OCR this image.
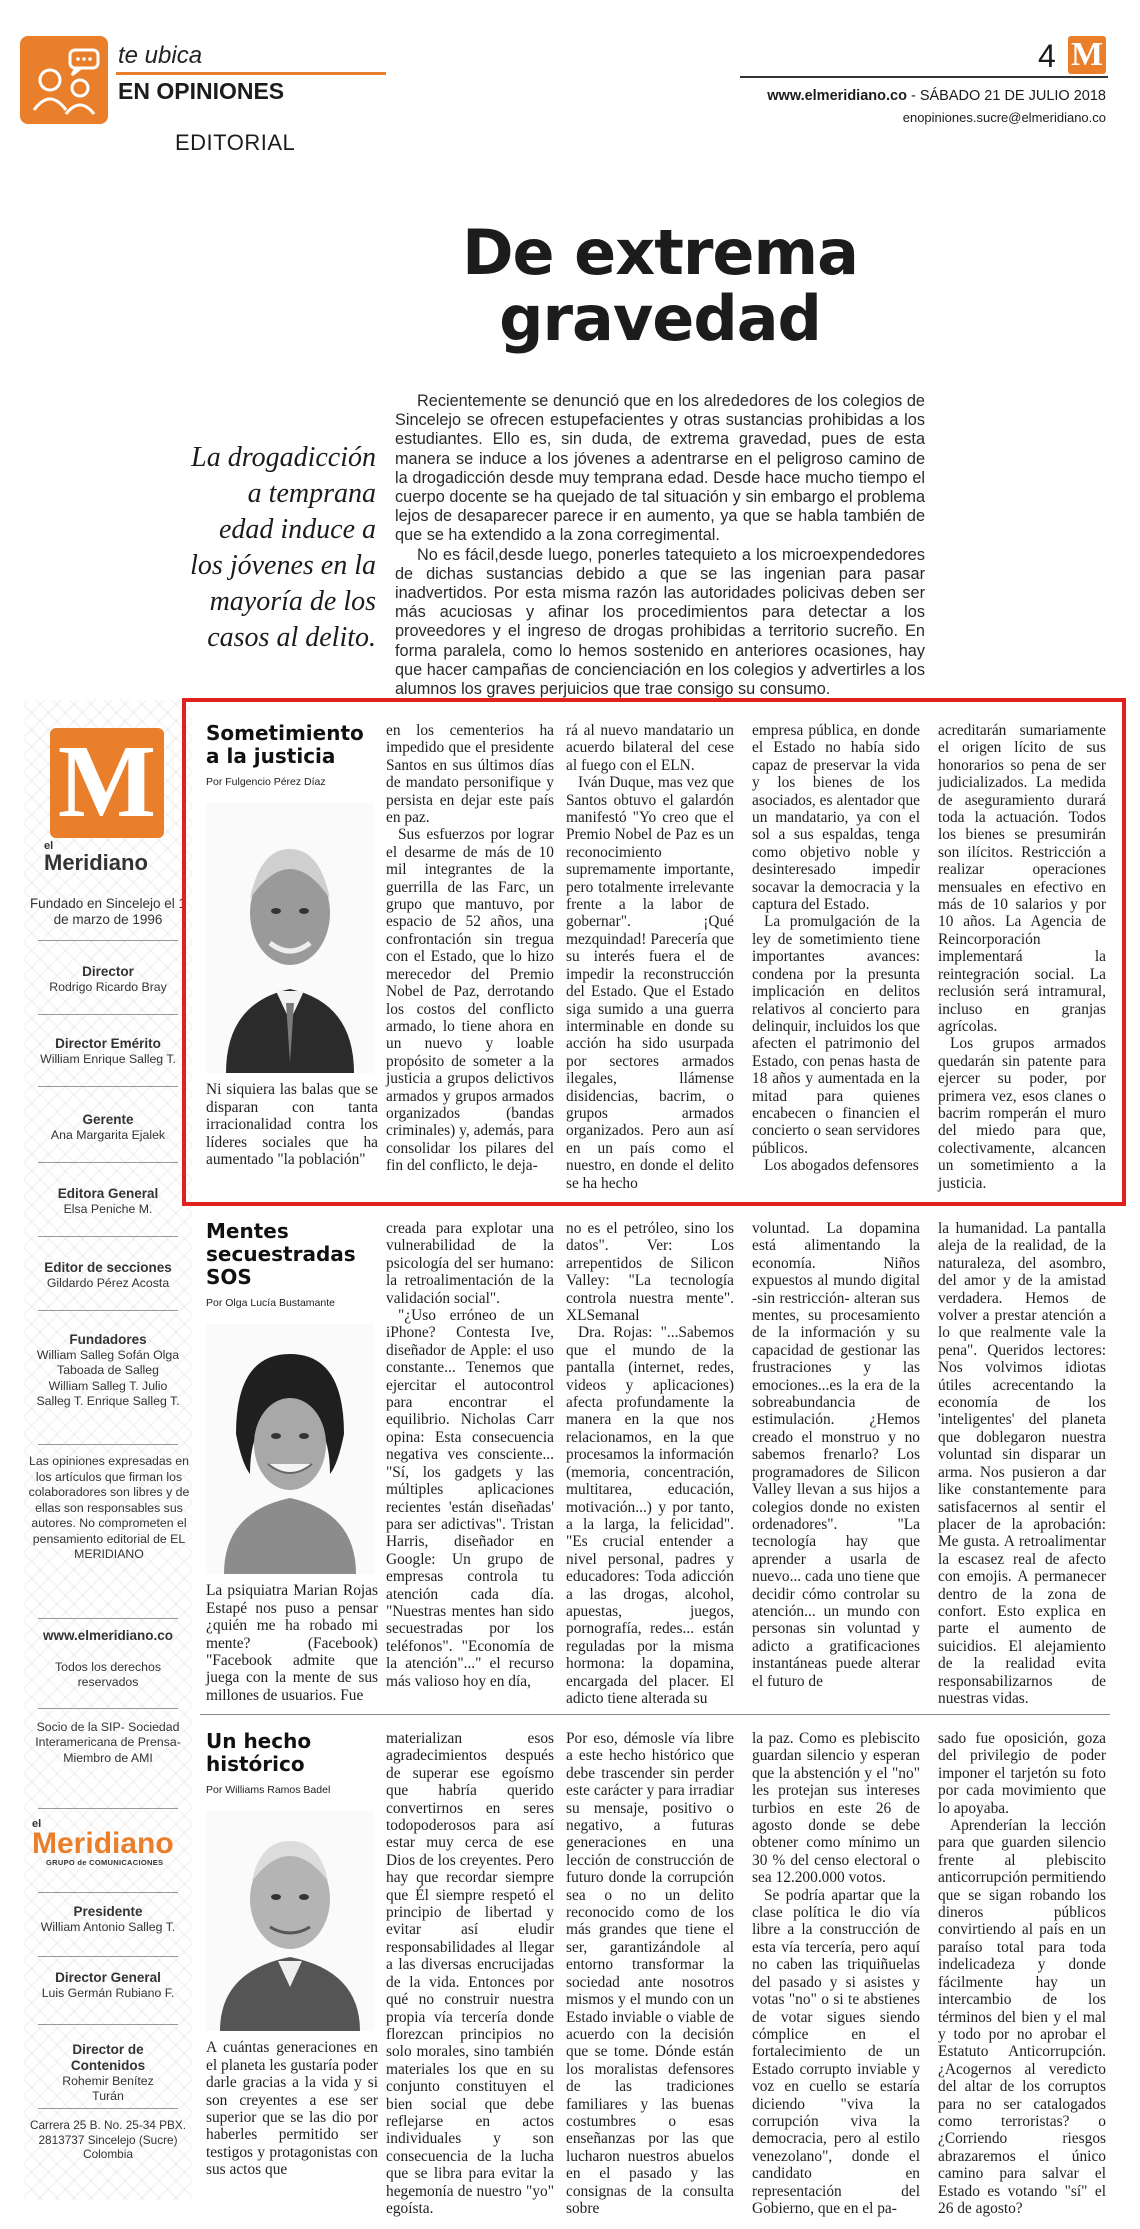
te ubica
EN OPINIONES
EDITORIAL
4 M
www.elmeridiano.co - SÁBADO 21 DE JULIO 2018
enopiniones.sucre@elmeridiano.co
De extrema gravedad
La drogadicción a temprana edad induce a los jóvenes en la mayoría de los casos al delito.

Recientemente se denunció que en los alrededores de los colegios de Sincelejo se ofrecen estupefacientes y otras sustancias prohibidas a los estudiantes. Ello es, sin duda, de extrema gravedad, pues de esta manera se induce a los jóvenes a adentrarse en el peligroso camino de la drogadicción desde muy temprana edad. Desde hace mucho tiempo el cuerpo docente se ha quejado de tal situación y sin embargo el problema lejos de desaparecer parece ir en aumento, ya que se habla también de que se ha extendido a la zona corregimental.

No es fácil,desde luego, ponerles tatequieto a los microexpendedores de dichas sustancias debido a que se las ingenian para pasar inadvertidos. Por esta misma razón las autoridades policivas deben ser más acuciosas y afinar los procedimientos para detectar a los proveedores y el ingreso de drogas prohibidas a territorio sucreño. En forma paralela, como lo hemos sostenido en anteriores ocasiones, hay que hacer campañas de concienciación en los colegios y advertirles a los alumnos los graves perjuicios que trae consigo su consumo.

M
el
Meridiano
Fundado en Sincelejo el 1 de marzo de 1996
Director
Rodrigo Ricardo Bray
Director Emérito
William Enrique Salleg T.
Gerente
Ana Margarita Ejalek
Editora General
Elsa Peniche M.
Editor de secciones
Gildardo Pérez Acosta
Fundadores
William Salleg Sofán Olga Taboada de Salleg William Salleg T. Julio Salleg T. Enrique Salleg T.
Las opiniones expresadas en los artículos que firman los colaboradores son libres y de ellas son responsables sus autores. No comprometen el pensamiento editorial de EL MERIDIANO
www.elmeridiano.co
Todos los derechos reservados
Socio de la SIP- Sociedad Interamericana de Prensa- Miembro de AMI
el
Meridiano
GRUPO de COMUNICACIONES
Presidente
William Antonio Salleg T.
Director General
Luis Germán Rubiano F.
Director de Contenidos
Rohemir Benítez Turán
Carrera 25 B. No. 25-34 PBX. 2813737 Sincelejo (Sucre) Colombia
Sometimiento a la justicia
Por Fulgencio Pérez Díaz

Ni siquiera las balas que se disparan con tanta irracionalidad contra los líderes sociales que ha aumentado "la población"

en los cementerios ha impedido que el presidente Santos en sus últimos días de mandato personifique y persista en dejar este país en paz.

Sus esfuerzos por lograr el desarme de más de 10 mil integrantes de la guerrilla de las Farc, un grupo que mantuvo, por espacio de 52 años, una confrontación sin tregua con el Estado, que lo hizo merecedor del Premio Nobel de Paz, derrotando los costos del conflicto armado, lo tiene ahora en un nuevo y loable propósito de someter a la justicia a grupos delictivos armados y grupos armados organizados (bandas criminales) y, además, para consolidar los pilares del fin del conflicto, le deja-

rá al nuevo mandatario un acuerdo bilateral del cese al fuego con el ELN.

Iván Duque, mas vez que Santos obtuvo el galardón manifestó "Yo creo que el Premio Nobel de Paz es un reconocimiento supremamente importante, pero totalmente irrelevante frente a la labor de gobernar". ¡Qué mezquindad! Parecería que su interés fuera el de impedir la reconstrucción del Estado. Que el Estado siga sumido a una guerra interminable en donde su acción ha sido usurpada por sectores armados ilegales, llámense disidencias, bacrim, o grupos armados organizados. Pero aun así en un país como el nuestro, en donde el delito se ha hecho

empresa pública, en donde el Estado no había sido capaz de preservar la vida y los bienes de los asociados, es alentador que un mandatario, ya con el sol a sus espaldas, tenga como objetivo noble y desinteresado impedir socavar la democracia y la captura del Estado.

La promulgación de la ley de sometimiento tiene importantes avances: condena por la presunta implicación en delitos relativos al concierto para delinquir, incluidos los que afecten el patrimonio del Estado, con penas hasta de 18 años y aumentada en la mitad para quienes encabecen o financien el concierto o sean servidores públicos.

Los abogados defensores

acreditarán sumariamente el origen lícito de sus honorarios so pena de ser judicializados. La medida de aseguramiento durará toda la actuación. Todos los bienes se presumirán son ilícitos. Restricción a realizar operaciones mensuales en efectivo en más de 10 salarios y por 10 años. La Agencia de Reincorporación implementará la reintegración social. La reclusión será intramural, incluso en granjas agrícolas.

Los grupos armados quedarán sin patente para ejercer su poder, por primera vez, esos clanes o bacrim romperán el muro del miedo para que, colectivamente, alcancen un sometimiento a la justicia.

Mentes secuestradas SOS
Por Olga Lucía Bustamante

La psiquiatra Marian Rojas Estapé nos puso a pensar ¿quién me ha robado mi mente? (Facebook) "Facebook admite que juega con la mente de sus millones de usuarios. Fue

creada para explotar una vulnerabilidad de la psicología del ser humano: la retroalimentación de la validación social".

"¿Uso erróneo de un iPhone? Contesta Ive, diseñador de Apple: el uso constante... Tenemos que ejercitar el autocontrol para encontrar el equilibrio. Nicholas Carr opina: Esta consecuencia negativa ves consciente... "Sí, los gadgets y las múltiples aplicaciones recientes 'están diseñadas' para ser adictivas". Tristan Harris, diseñador en Google: Un grupo de empresas controla tu atención cada día. "Nuestras mentes han sido secuestradas por los teléfonos". "Economía de la atención"..." el recurso más valioso hoy en día,

no es el petróleo, sino los datos". Ver: Los arrepentidos de Silicon Valley: "La tecnología controla nuestra mente". XLSemanal

Dra. Rojas: "...Sabemos que el mundo de la pantalla (internet, redes, videos y aplicaciones) afecta profundamente la manera en la que nos relacionamos, en la que procesamos la información (memoria, concentración, multitarea, educación, motivación...) y por tanto, a la larga, la felicidad". "Es crucial entender a nivel personal, padres y educadores: Toda adicción a las drogas, alcohol, apuestas, juegos, pornografía, redes... están reguladas por la misma hormona: la dopamina, encargada del placer. El adicto tiene alterada su

voluntad. La dopamina está alimentando la economía. Niños expuestos al mundo digital -sin restricción- alteran sus mentes, su procesamiento de la información y su capacidad de gestionar las frustraciones y las emociones...es la era de la sobreabundancia de estimulación. ¿Hemos creado el monstruo y no sabemos frenarlo? Los programadores de Silicon Valley llevan a sus hijos a colegios donde no existen ordenadores". "La tecnología hay que aprender a usarla de nuevo... cada uno tiene que decidir cómo controlar su atención... un mundo con personas sin voluntad y adicto a gratificaciones instantáneas puede alterar el futuro de

la humanidad. La pantalla aleja de la realidad, de la naturaleza, del asombro, del amor y de la amistad verdadera. Hemos de volver a prestar atención a lo que realmente vale la pena". Queridos lectores: Nos volvimos idiotas útiles acrecentando la economía de los 'inteligentes' del planeta que doblegaron nuestra voluntad sin disparar un arma. Nos pusieron a dar like constantemente para satisfacernos al sentir el placer de la aprobación: Me gusta. A retroalimentar la escasez real de afecto con emojis. A permanecer dentro de la zona de confort. Esto explica en parte el aumento de suicidios. El alejamiento de la realidad evita responsabilizarnos de nuestras vidas.

Un hecho histórico
Por Williams Ramos Badel

A cuántas generaciones en el planeta les gustaría poder darle gracias a la vida y si son creyentes a ese ser superior que se las dio por haberles permitido ser testigos y protagonistas con sus actos que

materializan esos agradecimientos después de superar ese egoísmo que habría querido convertirnos en seres todopoderosos para así estar muy cerca de ese Dios de los creyentes. Pero hay que recordar siempre que Él siempre respetó el principio de libertad y evitar así eludir responsabilidades al llegar a las diversas encrucijadas de la vida. Entonces por qué no construir nuestra propia vía tercería donde florezcan principios no solo morales, sino también materiales los que en su conjunto constituyen el bien social que debe reflejarse en actos individuales y son consecuencia de la lucha que se libra para evitar la hegemonía de nuestro "yo" egoísta.

Por eso, démosle vía libre a este hecho histórico que debe trascender sin perder este carácter y para irradiar su mensaje, positivo o negativo, a futuras generaciones en una lección de construcción de futuro donde la corrupción sea o no un delito reconocido como de los más grandes que tiene el ser, garantizándole al entorno transformar la sociedad ante nosotros mismos y el mundo con un Estado inviable o viable de acuerdo con la decisión que se tome. Dónde están los moralistas defensores de las tradiciones familiares y las buenas costumbres o esas enseñanzas por las que lucharon nuestros abuelos en el pasado y las consignas de la consulta sobre

la paz. Como es plebiscito guardan silencio y esperan que la abstención y el "no" les protejan sus intereses turbios en este 26 de agosto donde se debe obtener como mínimo un 30 % del censo electoral o sea 12.200.000 votos.

Se podría apartar que la clase política le dio vía libre a la construcción de esta vía tercería, pero aquí no caben las triquiñuelas del pasado y si asistes y votas "no" o si te abstienes de votar sigues siendo cómplice en el fortalecimiento de un Estado corrupto inviable y voz en cuello se estaría diciendo "viva la corrupción viva la democracia, pero al estilo venezolano", donde el candidato en representación del Gobierno, que en el pa-

sado fue oposición, goza del privilegio de poder imponer el tarjetón su foto por cada movimiento que lo apoyaba.

Aprenderían la lección para que guarden silencio frente al plebiscito anticorrupción permitiendo que se sigan robando los dineros públicos convirtiendo al país en un paraíso total para toda indelicadeza y donde fácilmente hay un intercambio de los términos del bien y el mal y todo por no aprobar el Estatuto Anticorrupción. ¿Acogernos al veredicto del altar de los corruptos para no ser catalogados como terroristas? o ¿Corriendo riesgos abrazaremos el único camino para salvar el Estado es votando "sí" el 26 de agosto?
